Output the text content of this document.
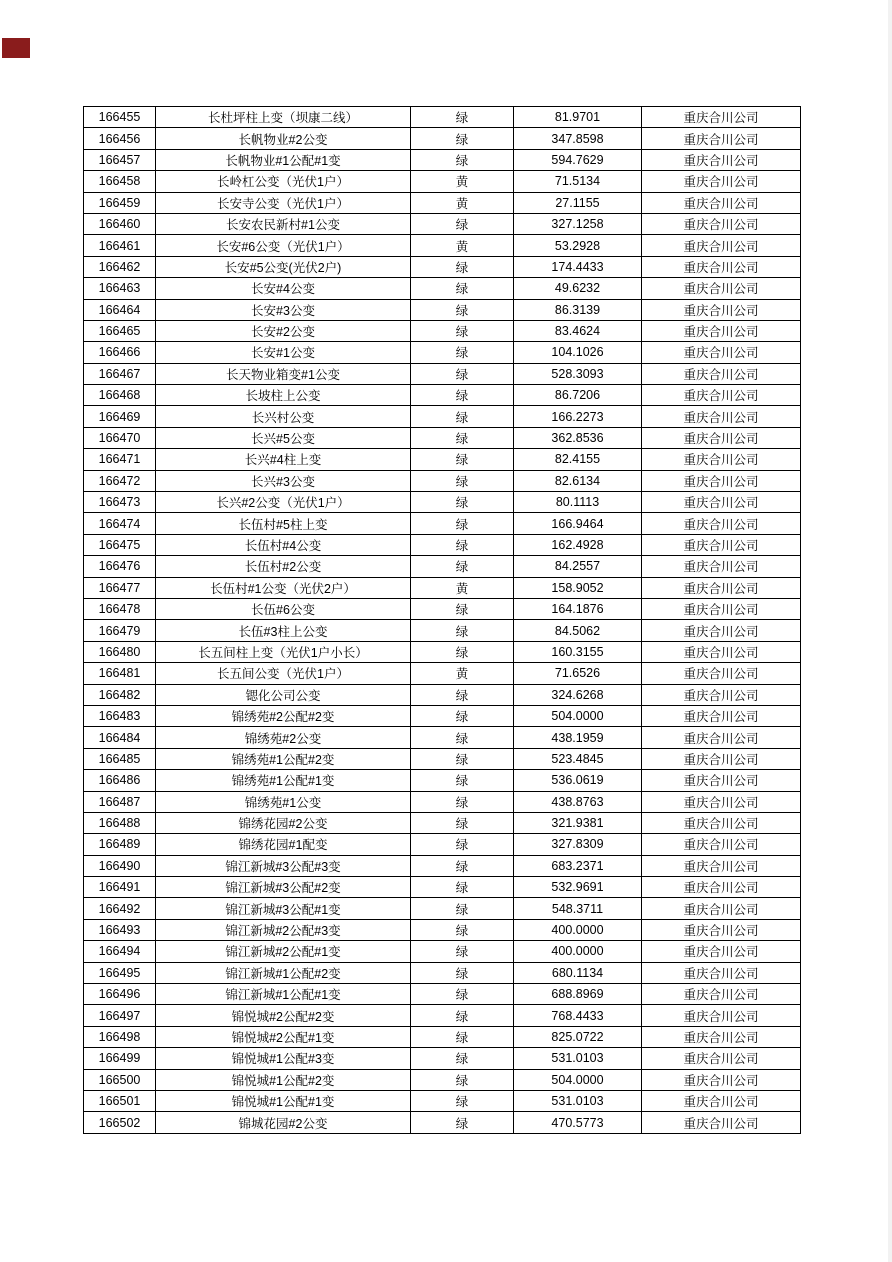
166455	长杜坪柱上变（坝康二线）	绿	81.9701	重庆合川公司
166456	长帆物业#2公变	绿	347.8598	重庆合川公司
166457	长帆物业#1公配#1变	绿	594.7629	重庆合川公司
166458	长岭杠公变（光伏1户）	黄	71.5134	重庆合川公司
166459	长安寺公变（光伏1户）	黄	27.1155	重庆合川公司
166460	长安农民新村#1公变	绿	327.1258	重庆合川公司
166461	长安#6公变（光伏1户）	黄	53.2928	重庆合川公司
166462	长安#5公变(光伏2户)	绿	174.4433	重庆合川公司
166463	长安#4公变	绿	49.6232	重庆合川公司
166464	长安#3公变	绿	86.3139	重庆合川公司
166465	长安#2公变	绿	83.4624	重庆合川公司
166466	长安#1公变	绿	104.1026	重庆合川公司
166467	长天物业箱变#1公变	绿	528.3093	重庆合川公司
166468	长坡柱上公变	绿	86.7206	重庆合川公司
166469	长兴村公变	绿	166.2273	重庆合川公司
166470	长兴#5公变	绿	362.8536	重庆合川公司
166471	长兴#4柱上变	绿	82.4155	重庆合川公司
166472	长兴#3公变	绿	82.6134	重庆合川公司
166473	长兴#2公变（光伏1户）	绿	80.1113	重庆合川公司
166474	长伍村#5柱上变	绿	166.9464	重庆合川公司
166475	长伍村#4公变	绿	162.4928	重庆合川公司
166476	长伍村#2公变	绿	84.2557	重庆合川公司
166477	长伍村#1公变（光伏2户）	黄	158.9052	重庆合川公司
166478	长伍#6公变	绿	164.1876	重庆合川公司
166479	长伍#3柱上公变	绿	84.5062	重庆合川公司
166480	长五间柱上变（光伏1户小长）	绿	160.3155	重庆合川公司
166481	长五间公变（光伏1户）	黄	71.6526	重庆合川公司
166482	锶化公司公变	绿	324.6268	重庆合川公司
166483	锦绣苑#2公配#2变	绿	504.0000	重庆合川公司
166484	锦绣苑#2公变	绿	438.1959	重庆合川公司
166485	锦绣苑#1公配#2变	绿	523.4845	重庆合川公司
166486	锦绣苑#1公配#1变	绿	536.0619	重庆合川公司
166487	锦绣苑#1公变	绿	438.8763	重庆合川公司
166488	锦绣花园#2公变	绿	321.9381	重庆合川公司
166489	锦绣花园#1配变	绿	327.8309	重庆合川公司
166490	锦江新城#3公配#3变	绿	683.2371	重庆合川公司
166491	锦江新城#3公配#2变	绿	532.9691	重庆合川公司
166492	锦江新城#3公配#1变	绿	548.3711	重庆合川公司
166493	锦江新城#2公配#3变	绿	400.0000	重庆合川公司
166494	锦江新城#2公配#1变	绿	400.0000	重庆合川公司
166495	锦江新城#1公配#2变	绿	680.1134	重庆合川公司
166496	锦江新城#1公配#1变	绿	688.8969	重庆合川公司
166497	锦悦城#2公配#2变	绿	768.4433	重庆合川公司
166498	锦悦城#2公配#1变	绿	825.0722	重庆合川公司
166499	锦悦城#1公配#3变	绿	531.0103	重庆合川公司
166500	锦悦城#1公配#2变	绿	504.0000	重庆合川公司
166501	锦悦城#1公配#1变	绿	531.0103	重庆合川公司
166502	锦城花园#2公变	绿	470.5773	重庆合川公司
